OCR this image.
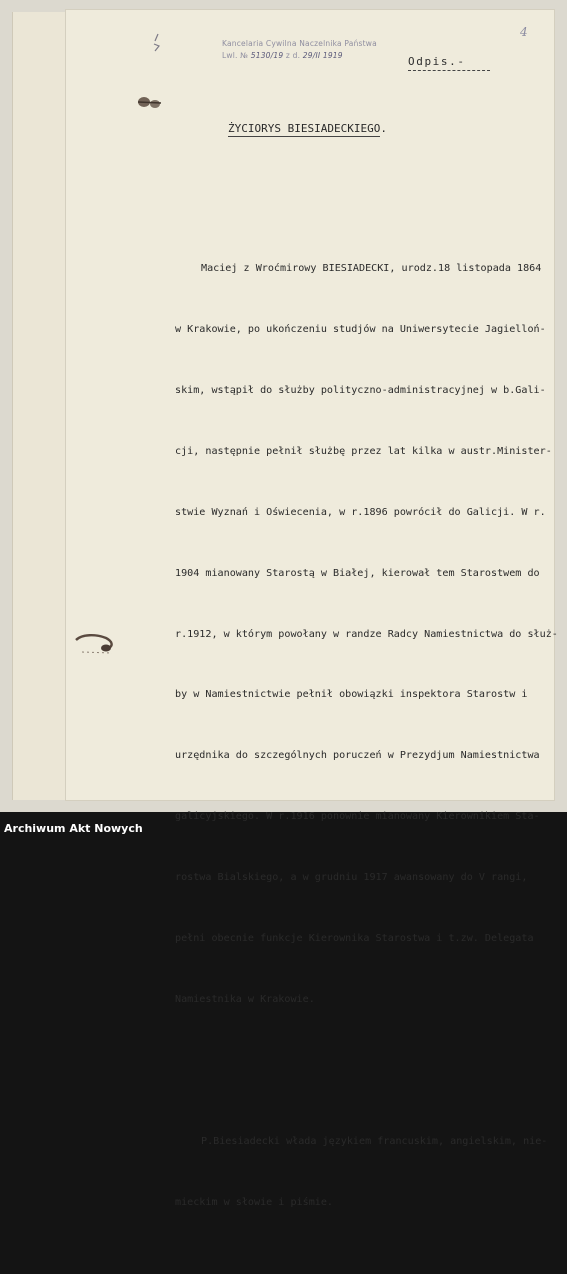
Kancelaria Cywilna Naczelnika Państwa
Lwl. № 5130/19 z d. 29/II 1919
4
Odpis.-
ŻYCIORYS BIESIADECKIEGO.

Maciej z Wroćmirowy BIESIADECKI, urodz.18 listopada 1864

w Krakowie, po ukończeniu studjów na Uniwersytecie Jagielloń-

skim, wstąpił do służby polityczno-administracyjnej w b.Gali-

cji, następnie pełnił służbę przez lat kilka w austr.Minister-

stwie Wyznań i Oświecenia, w r.1896 powrócił do Galicji. W r.

1904 mianowany Starostą w Białej, kierował tem Starostwem do

r.1912, w którym powołany w randze Radcy Namiestnictwa do służ-

by w Namiestnictwie pełnił obowiązki inspektora Starostw i

urzędnika do szczególnych poruczeń w Prezydjum Namiestnictwa

galicyjskiego. W r.1916 ponownie mianowany Kierownikiem Sta-

rostwa Bialskiego, a w grudniu 1917 awansowany do V rangi,

pełni obecnie funkcje Kierownika Starostwa i t.zw. Delegata

Namiestnika w Krakowie.

P.Biesiadecki włada językiem francuskim, angielskim, nie-

mieckim w słowie i piśmie.

Archiwum Akt Nowych
